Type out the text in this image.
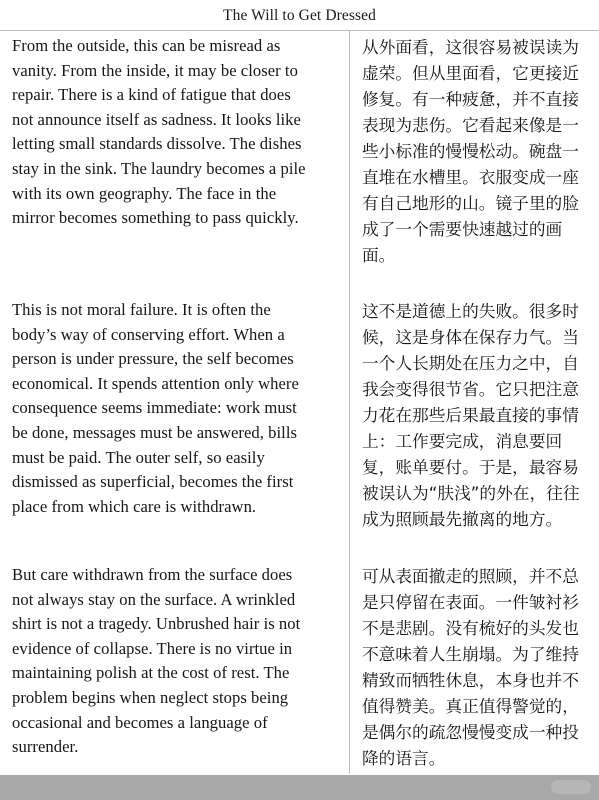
The Will to Get Dressed
From the outside, this can be misread as
vanity. From the inside, it may be closer to
repair. There is a kind of fatigue that does
not announce itself as sadness. It looks like
letting small standards dissolve. The dishes
stay in the sink. The laundry becomes a pile
with its own geography. The face in the
mirror becomes something to pass quickly.
从外面看，这很容易被误读为
虚荣。但从里面看，它更接近
修复。有一种疲惫，并不直接
表现为悲伤。它看起来像是一
些小标准的慢慢松动。碗盘一
直堆在水槽里。衣服变成一座
有自己地形的山。镜子里的脸
成了一个需要快速越过的画
面。
This is not moral failure. It is often the
body’s way of conserving effort. When a
person is under pressure, the self becomes
economical. It spends attention only where
consequence seems immediate: work must
be done, messages must be answered, bills
must be paid. The outer self, so easily
dismissed as superficial, becomes the first
place from which care is withdrawn.
这不是道德上的失败。很多时
候，这是身体在保存力气。当
一个人长期处在压力之中，自
我会变得很节省。它只把注意
力花在那些后果最直接的事情
上：工作要完成，消息要回
复，账单要付。于是，最容易
被误认为“肤浅”的外在，往往
成为照顾最先撤离的地方。
But care withdrawn from the surface does
not always stay on the surface. A wrinkled
shirt is not a tragedy. Unbrushed hair is not
evidence of collapse. There is no virtue in
maintaining polish at the cost of rest. The
problem begins when neglect stops being
occasional and becomes a language of
surrender.
可从表面撤走的照顾，并不总
是只停留在表面。一件皱衬衫
不是悲剧。没有梳好的头发也
不意味着人生崩塌。为了维持
精致而牺牲休息，本身也并不
值得赞美。真正值得警觉的，
是偶尔的疏忽慢慢变成一种投
降的语言。
